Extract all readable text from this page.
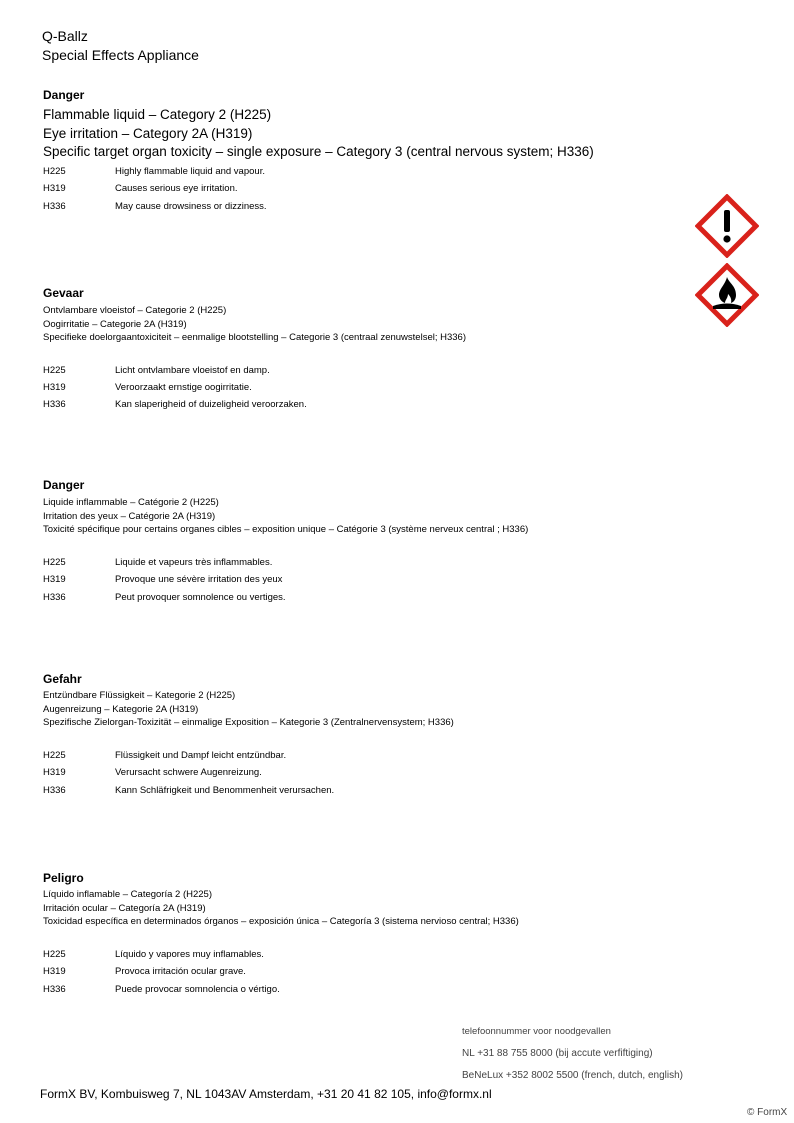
Q-Ballz
Special Effects Appliance
Danger
Flammable liquid – Category 2 (H225)
Eye irritation – Category 2A (H319)
Specific target organ toxicity – single exposure – Category 3 (central nervous system; H336)
H225	Highly flammable liquid and vapour.
H319	Causes serious eye irritation.
H336	May cause drowsiness or dizziness.
Gevaar
Ontvlambare vloeistof – Categorie 2 (H225)
Oogirritatie – Categorie 2A (H319)
Specifieke doelorgaantoxiciteit – eenmalige blootstelling – Categorie 3 (centraal zenuwstelsel; H336)
H225	Licht ontvlambare vloeistof en damp.
H319	Veroorzaakt ernstige oogirritatie.
H336	Kan slaperigheid of duizeligheid veroorzaken.
Danger
Liquide inflammable – Catégorie 2 (H225)
Irritation des yeux – Catégorie 2A (H319)
Toxicité spécifique pour certains organes cibles – exposition unique – Catégorie 3 (système nerveux central ; H336)
H225	Liquide et vapeurs très inflammables.
H319	Provoque une sévère irritation des yeux
H336	Peut provoquer somnolence ou vertiges.
Gefahr
Entzündbare Flüssigkeit – Kategorie 2 (H225)
Augenreizung – Kategorie 2A (H319)
Spezifische Zielorgan-Toxizität – einmalige Exposition – Kategorie 3 (Zentralnervensystem; H336)
H225	Flüssigkeit und Dampf leicht entzündbar.
H319	Verursacht schwere Augenreizung.
H336	Kann Schläfrigkeit und Benommenheit verursachen.
Peligro
Líquido inflamable – Categoría 2 (H225)
Irritación ocular – Categoría 2A (H319)
Toxicidad específica en determinados órganos – exposición única – Categoría 3 (sistema nervioso central; H336)
H225	Líquido y vapores muy inflamables.
H319	Provoca irritación ocular grave.
H336	Puede provocar somnolencia o vértigo.
telefoonnummer voor noodgevallen
NL +31 88 755 8000 (bij accute verfiftiging)
BeNeLux +352 8002 5500 (french, dutch, english)
FormX BV, Kombuisweg 7, NL 1043AV Amsterdam, +31 20 41 82 105, info@formx.nl
© FormX
